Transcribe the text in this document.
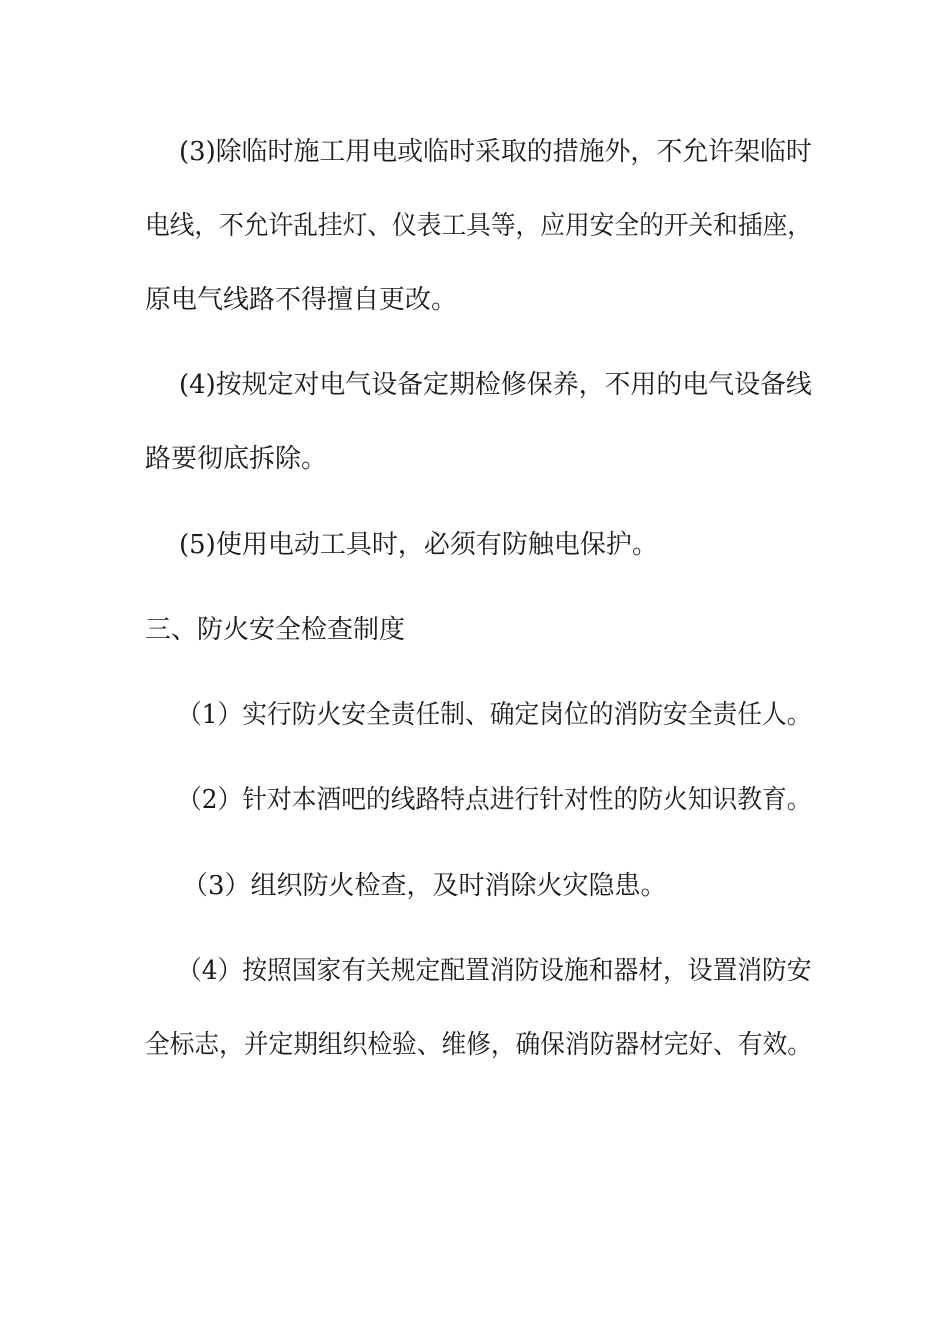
(3)除临时施工用电或临时采取的措施外，不允许架临时
电线，不允许乱挂灯、仪表工具等，应用安全的开关和插座，
原电气线路不得擅自更改。
(4)按规定对电气设备定期检修保养，不用的电气设备线
路要彻底拆除。
(5)使用电动工具时，必须有防触电保护。
三、防火安全检查制度
（1）实行防火安全责任制、确定岗位的消防安全责任人。
（2）针对本酒吧的线路特点进行针对性的防火知识教育。
（3）组织防火检查，及时消除火灾隐患。
（4）按照国家有关规定配置消防设施和器材，设置消防安
全标志，并定期组织检验、维修，确保消防器材完好、有效。
